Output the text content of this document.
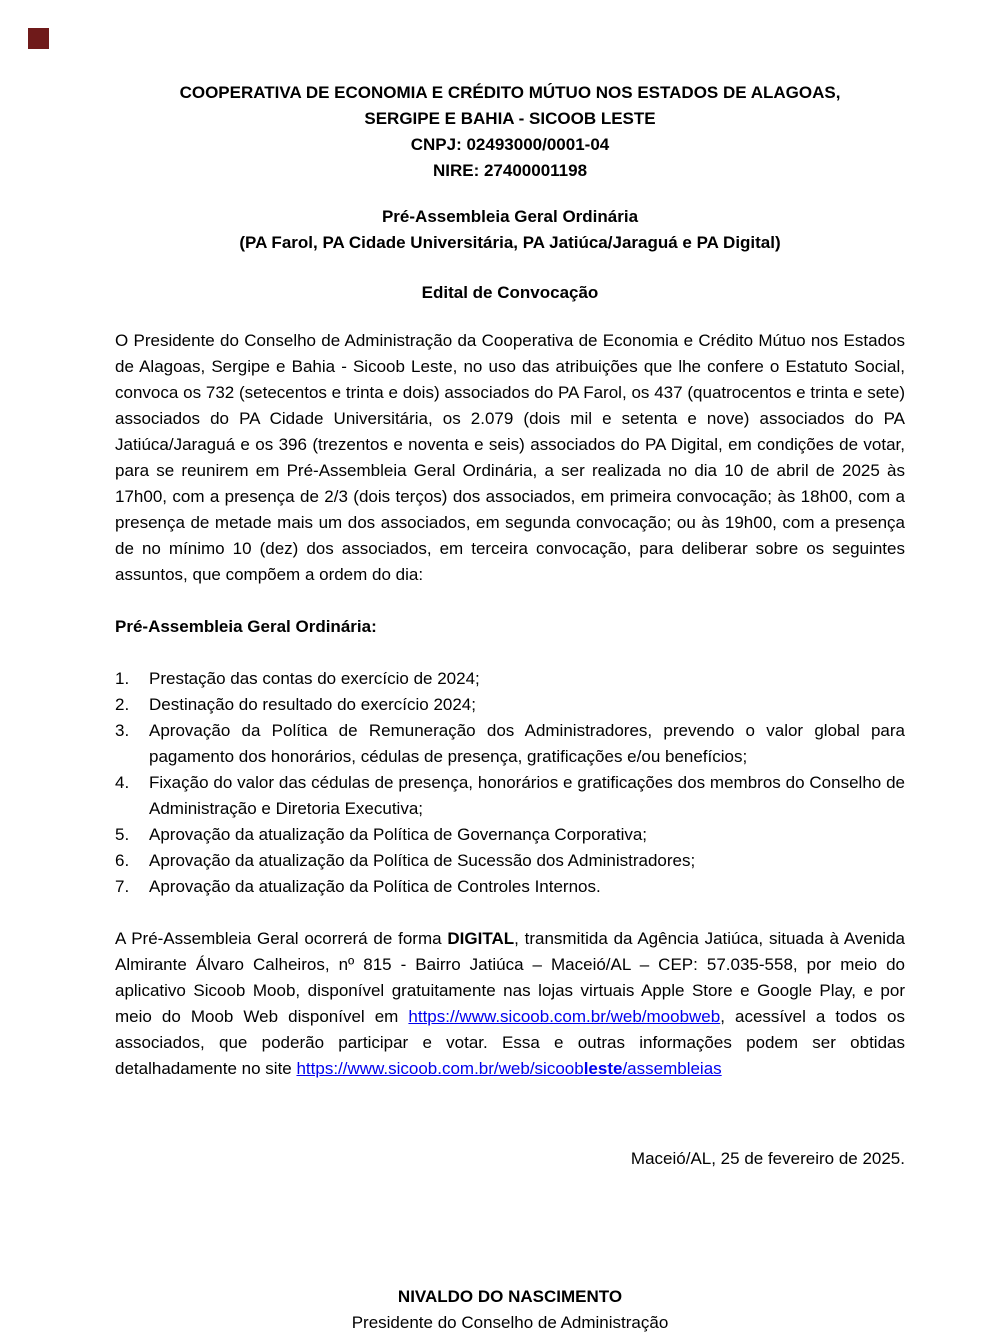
COOPERATIVA DE ECONOMIA E CRÉDITO MÚTUO NOS ESTADOS DE ALAGOAS,
SERGIPE E BAHIA - SICOOB LESTE
CNPJ: 02493000/0001-04
NIRE: 27400001198
Pré-Assembleia Geral Ordinária
(PA Farol, PA Cidade Universitária, PA Jatiúca/Jaraguá e PA Digital)
Edital de Convocação

O Presidente do Conselho de Administração da Cooperativa de Economia e Crédito Mútuo nos Estados de Alagoas, Sergipe e Bahia - Sicoob Leste, no uso das atribuições que lhe confere o Estatuto Social, convoca os 732 (setecentos e trinta e dois) associados do PA Farol, os 437 (quatrocentos e trinta e sete) associados do PA Cidade Universitária, os 2.079 (dois mil e setenta e nove) associados do PA Jatiúca/Jaraguá e os 396 (trezentos e noventa e seis) associados do PA Digital, em condições de votar, para se reunirem em Pré-Assembleia Geral Ordinária, a ser realizada no dia 10 de abril de 2025 às 17h00, com a presença de 2/3 (dois terços) dos associados, em primeira convocação; às 18h00, com a presença de metade mais um dos associados, em segunda convocação; ou às 19h00, com a presença de no mínimo 10 (dez) dos associados, em terceira convocação, para deliberar sobre os seguintes assuntos, que compõem a ordem do dia:

Pré-Assembleia Geral Ordinária:
1.	Prestação das contas do exercício de 2024;
2.	Destinação do resultado do exercício 2024;
3.	Aprovação da Política de Remuneração dos Administradores, prevendo o valor global para pagamento dos honorários, cédulas de presença, gratificações e/ou benefícios;
4.	Fixação do valor das cédulas de presença, honorários e gratificações dos membros do Conselho de Administração e Diretoria Executiva;
5.	Aprovação da atualização da Política de Governança Corporativa;
6.	Aprovação da atualização da Política de Sucessão dos Administradores;
7.	Aprovação da atualização da Política de Controles Internos.

A Pré-Assembleia Geral ocorrerá de forma DIGITAL, transmitida da Agência Jatiúca, situada à Avenida Almirante Álvaro Calheiros, nº 815 - Bairro Jatiúca – Maceió/AL – CEP: 57.035-558, por meio do aplicativo Sicoob Moob, disponível gratuitamente nas lojas virtuais Apple Store e Google Play, e por meio do Moob Web disponível em https://www.sicoob.com.br/web/moobweb, acessível a todos os associados, que poderão participar e votar. Essa e outras informações podem ser obtidas detalhadamente no site https://www.sicoob.com.br/web/sicoobleste/assembleias

Maceió/AL, 25 de fevereiro de 2025.
NIVALDO DO NASCIMENTO
Presidente do Conselho de Administração
